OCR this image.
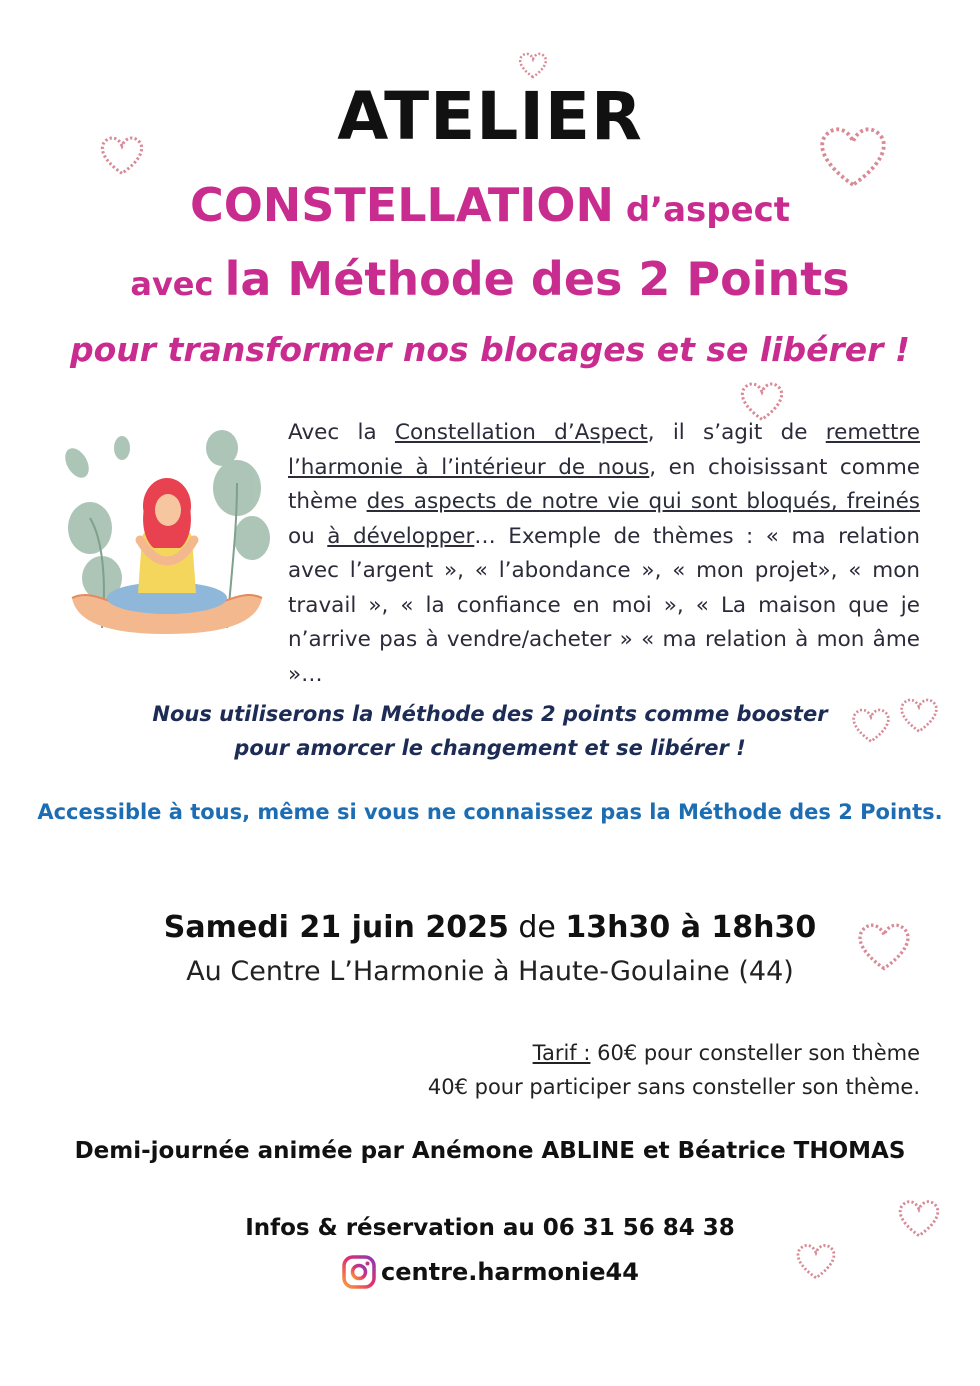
ATELIER
CONSTELLATION d’aspect
avec la Méthode des 2 Points
pour transformer nos blocages et se libérer !
Avec la Constellation d’Aspect, il s’agit de remettre l’harmonie à l’intérieur de nous, en choisissant comme thème des aspects de notre vie qui sont bloqués, freinés ou à développer… Exemple de thèmes : « ma relation avec l’argent », « l’abondance », « mon projet», « mon travail », « la confiance en moi », « La maison que je n’arrive pas à vendre/acheter » « ma relation à mon âme »…
Nous utiliserons la Méthode des 2 points comme booster
pour amorcer le changement et se libérer !
Accessible à tous, même si vous ne connaissez pas la Méthode des 2 Points.
Samedi 21 juin 2025 de 13h30 à 18h30
Au Centre L’Harmonie à Haute-Goulaine (44)
Tarif : 60€ pour consteller son thème
40€ pour participer sans consteller son thème.
Demi-journée animée par Anémone ABLINE et Béatrice THOMAS
Infos & réservation au 06 31 56 84 38
centre.harmonie44
